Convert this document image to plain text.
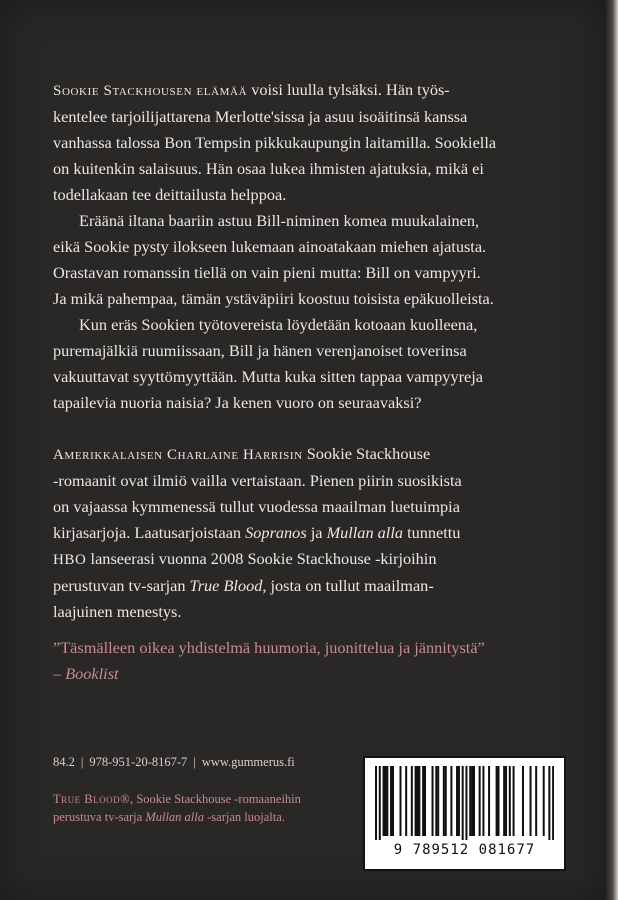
Sookie Stackhousen elämää voisi luulla tylsäksi. Hän työs-
kentelee tarjoilijattarena Merlotte'sissa ja asuu isoäitinsä kanssa
vanhassa talossa Bon Tempsin pikkukaupungin laitamilla. Sookiella
on kuitenkin salaisuus. Hän osaa lukea ihmisten ajatuksia, mikä ei
todellakaan tee deittailusta helppoa.

Eräänä iltana baariin astuu Bill-niminen komea muukalainen,
eikä Sookie pysty ilokseen lukemaan ainoatakaan miehen ajatusta.
Orastavan romanssin tiellä on vain pieni mutta: Bill on vampyyri.
Ja mikä pahempaa, tämän ystäväpiiri koostuu toisista epäkuolleista.

Kun eräs Sookien työtovereista löydetään kotoaan kuolleena,
puremajälkiä ruumiissaan, Bill ja hänen verenjanoiset toverinsa
vakuuttavat syyttömyyttään. Mutta kuka sitten tappaa vampyyreja
tapailevia nuoria naisia? Ja kenen vuoro on seuraavaksi?

Amerikkalaisen Charlaine Harrisin Sookie Stackhouse
-romaanit ovat ilmiö vailla vertaistaan. Pienen piirin suosikista
on vajaassa kymmenessä tullut vuodessa maailman luetuimpia
kirjasarjoja. Laatusarjoistaan Sopranos ja Mullan alla tunnettu
HBO lanseerasi vuonna 2008 Sookie Stackhouse -kirjoihin
perustuvan tv-sarjan True Blood, josta on tullut maailman-
laajuinen menestys.

”Täsmälleen oikea yhdistelmä huumoria, juonittelua ja jännitystä”
– Booklist
84.2 | 978-951-20-8167-7 | www.gummerus.fi
True Blood®, Sookie Stackhouse -romaaneihin
perustuva tv-sarja Mullan alla -sarjan luojalta.
9 789512 081677
